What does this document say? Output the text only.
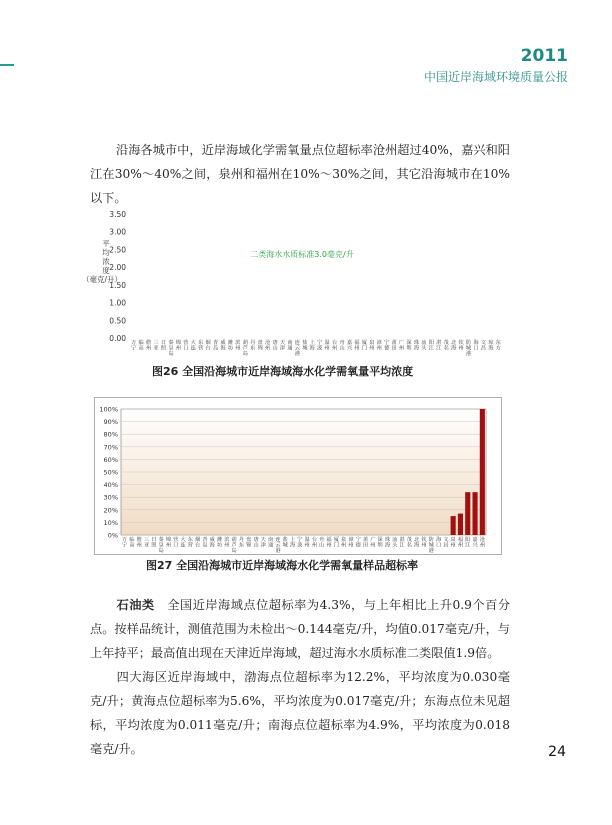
2011
中国近岸海域环境质量公报
沿海各城市中，近岸海域化学需氧量点位超标率沧州超过40%，嘉兴和阳江在30%～40%之间，泉州和福州在10%～30%之间，其它沿海城市在10%以下。
0.00
0.50
1.00
1.50
2.00
2.50
3.00
3.50
平均浓度（毫克/升）
二类海水水质标准3.0毫克/升
万宁
临高
儋州
三亚
日照
秦皇岛
锦州
营口
大连
东营
烟台
青岛
威海
潍坊
滨州
葫芦岛
丹东
盘锦
沧州
唐山
天津
南通
连云港
盐城
上海
宁波
温州
台州
舟山
嘉兴
福州
厦门
泉州
漳州
宁德
莆田
广州
深圳
珠海
汕头
阳江
湛江
茂名
北海
钦州
防城港
海口
文昌
琼海
东方
图26 全国沿海城市近岸海域海水化学需氧量平均浓度
0%
10%
20%
30%
40%
50%
60%
70%
80%
90%
100%
万宁
临高
儋州
三亚
日照
秦皇岛
锦州
营口
大连
东营
烟台
青岛
威海
潍坊
滨州
葫芦岛
丹东
盘锦
唐山
天津
南通
连云港
盐城
上海
宁波
温州
台州
舟山
福州
厦门
泉州
漳州
宁德
莆田
广州
深圳
珠海
汕头
湛江
茂名
北海
钦州
防城港
海口
文昌
泉州
福州
阳江
嘉兴
沧州
图27 全国沿海城市近岸海域海水化学需氧量样品超标率
石油类　 全国近岸海域点位超标率为4.3%，与上年相比上升0.9个百分点。按样品统计，测值范围为未检出～0.144毫克/升，均值0.017毫克/升，与上年持平；最高值出现在天津近岸海域，超过海水水质标准二类限值1.9倍。
四大海区近岸海域中，渤海点位超标率为12.2%，平均浓度为0.030毫克/升；黄海点位超标率为5.6%，平均浓度为0.017毫克/升；东海点位未见超标，平均浓度为0.011毫克/升；南海点位超标率为4.9%，平均浓度为0.018毫克/升。	24
